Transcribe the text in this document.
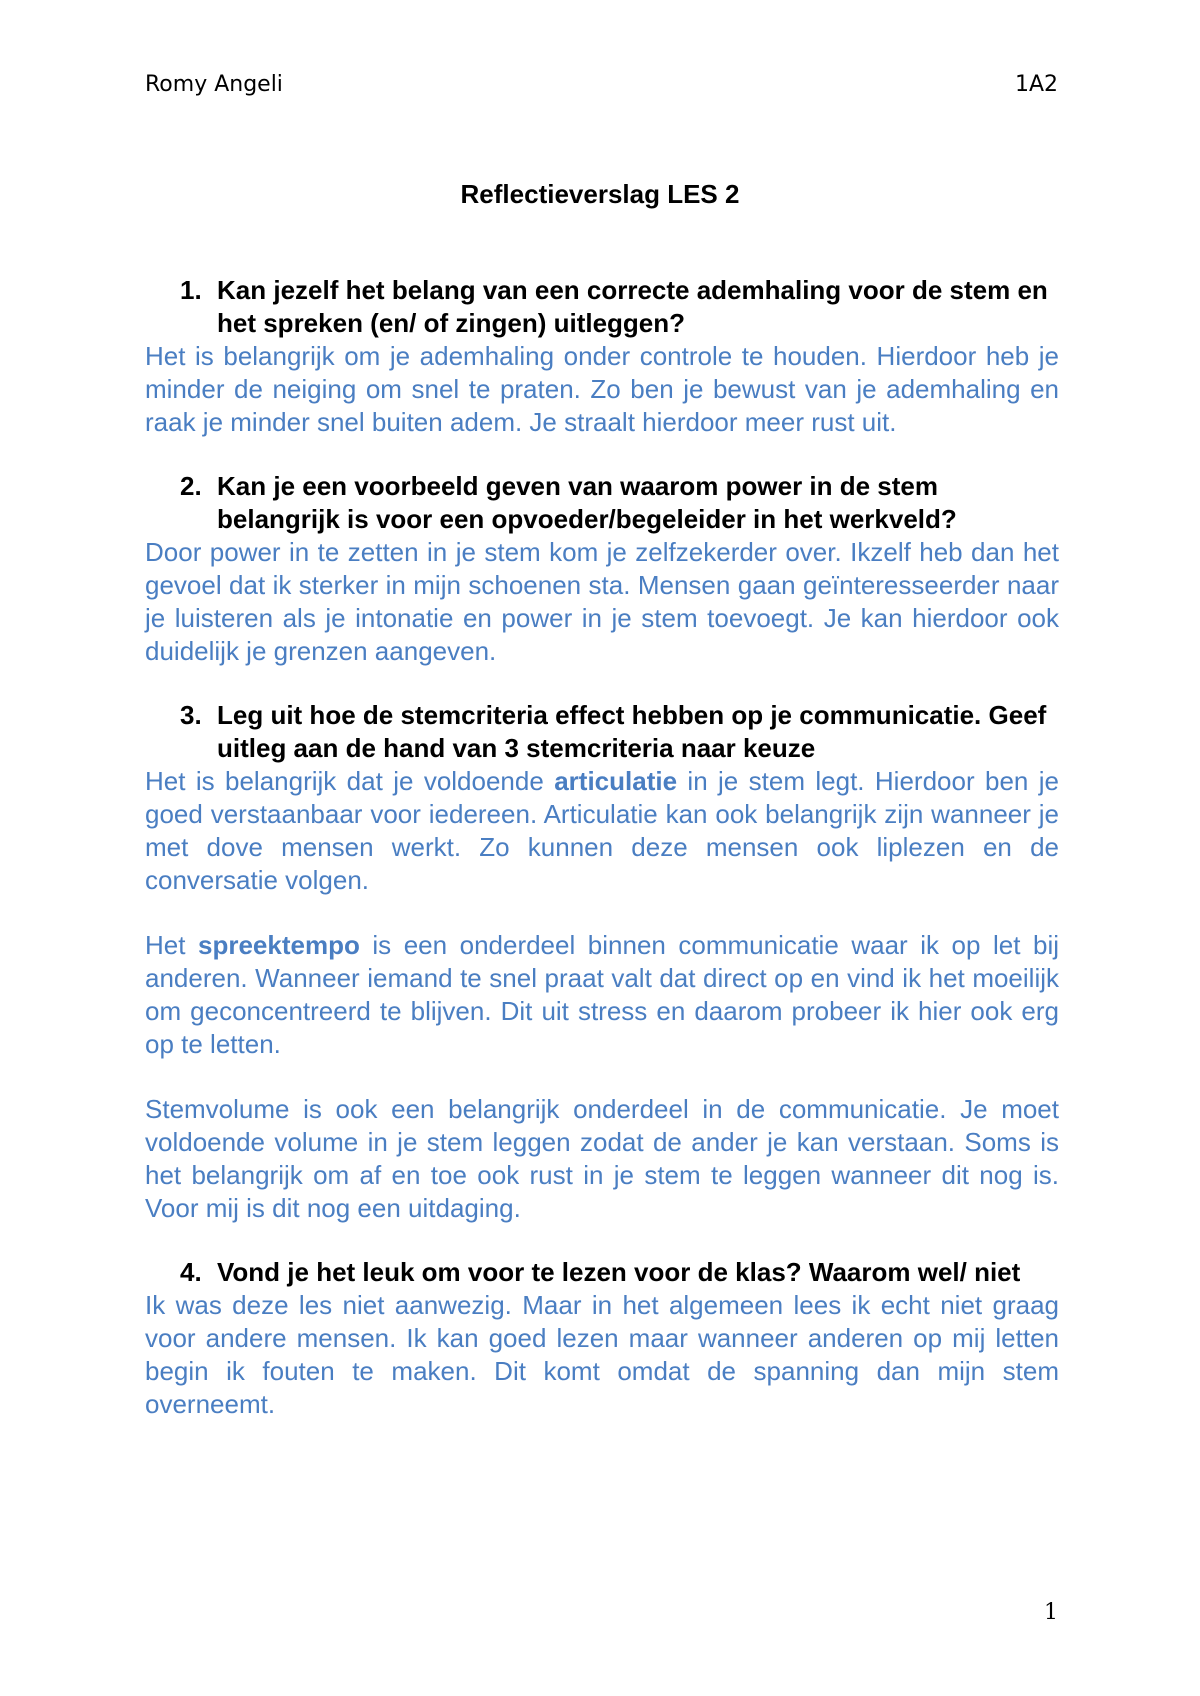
Romy Angeli	1A2
Reflectieverslag LES 2
1. Kan jezelf het belang van een correcte ademhaling voor de stem en het spreken (en/ of zingen) uitleggen?

Het is belangrijk om je ademhaling onder controle te houden. Hierdoor heb je minder de neiging om snel te praten. Zo ben je bewust van je ademhaling en raak je minder snel buiten adem. Je straalt hierdoor meer rust uit.

2. Kan je een voorbeeld geven van waarom power in de stem belangrijk is voor een opvoeder/begeleider in het werkveld?

Door power in te zetten in je stem kom je zelfzekerder over. Ikzelf heb dan het gevoel dat ik sterker in mijn schoenen sta. Mensen gaan geïnteresseerder naar je luisteren als je intonatie en power in je stem toevoegt. Je kan hierdoor ook duidelijk je grenzen aangeven.

3. Leg uit hoe de stemcriteria effect hebben op je communicatie. Geef uitleg aan de hand van 3 stemcriteria naar keuze

Het is belangrijk dat je voldoende articulatie in je stem legt. Hierdoor ben je goed verstaanbaar voor iedereen. Articulatie kan ook belangrijk zijn wanneer je met dove mensen werkt. Zo kunnen deze mensen ook liplezen en de conversatie volgen.

Het spreektempo is een onderdeel binnen communicatie waar ik op let bij anderen. Wanneer iemand te snel praat valt dat direct op en vind ik het moeilijk om geconcentreerd te blijven. Dit uit stress en daarom probeer ik hier ook erg op te letten.

Stemvolume is ook een belangrijk onderdeel in de communicatie. Je moet voldoende volume in je stem leggen zodat de ander je kan verstaan. Soms is het belangrijk om af en toe ook rust in je stem te leggen wanneer dit nog is. Voor mij is dit nog een uitdaging.

4. Vond je het leuk om voor te lezen voor de klas? Waarom wel/ niet

Ik was deze les niet aanwezig. Maar in het algemeen lees ik echt niet graag voor andere mensen. Ik kan goed lezen maar wanneer anderen op mij letten begin ik fouten te maken. Dit komt omdat de spanning dan mijn stem overneemt.

1
